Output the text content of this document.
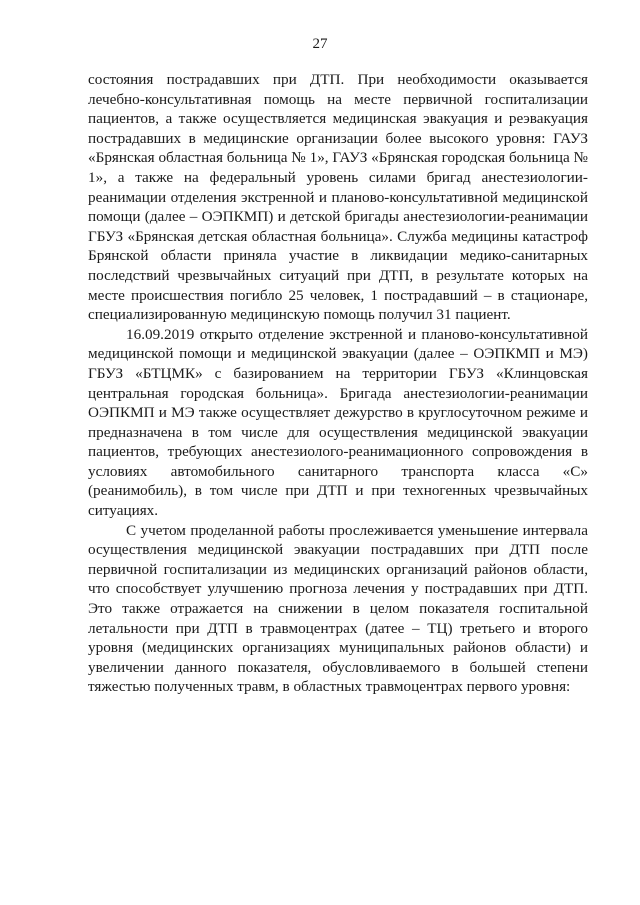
27

состояния пострадавших при ДТП. При необходимости оказывается лечебно-консультативная помощь на месте первичной госпитализации пациентов, а также осуществляется медицинская эвакуация и реэвакуация пострадавших в медицинские организации более высокого уровня: ГАУЗ «Брянская областная больница № 1», ГАУЗ «Брянская городская больница № 1», а также на федеральный уровень силами бригад анестезиологии-реанимации отделения экстренной и планово-консультативной медицинской помощи (далее – ОЭПКМП) и детской бригады анестезиологии-реанимации ГБУЗ «Брянская детская областная больница». Служба медицины катастроф Брянской области приняла участие в ликвидации медико-санитарных последствий чрезвычайных ситуаций при ДТП, в результате которых на месте происшествия погибло 25 человек, 1 пострадавший – в стационаре, специализированную медицинскую помощь получил 31 пациент.

16.09.2019 открыто отделение экстренной и планово-консультативной медицинской помощи и медицинской эвакуации (далее – ОЭПКМП и МЭ) ГБУЗ «БТЦМК» с базированием на территории ГБУЗ «Клинцовская центральная городская больница». Бригада анестезиологии-реанимации ОЭПКМП и МЭ также осуществляет дежурство в круглосуточном режиме и предназначена в том числе для осуществления медицинской эвакуации пациентов, требующих анестезиолого-реанимационного сопровождения в условиях автомобильного санитарного транспорта класса «С» (реанимобиль), в том числе при ДТП и при техногенных чрезвычайных ситуациях.

С учетом проделанной работы прослеживается уменьшение интервала осуществления медицинской эвакуации пострадавших при ДТП после первичной госпитализации из медицинских организаций районов области, что способствует улучшению прогноза лечения у пострадавших при ДТП. Это также отражается на снижении в целом показателя госпитальной летальности при ДТП в травмоцентрах (датее – ТЦ) третьего и второго уровня (медицинских организациях муниципальных районов области) и увеличении данного показателя, обусловливаемого в большей степени тяжестью полученных травм, в областных травмоцентрах первого уровня:
